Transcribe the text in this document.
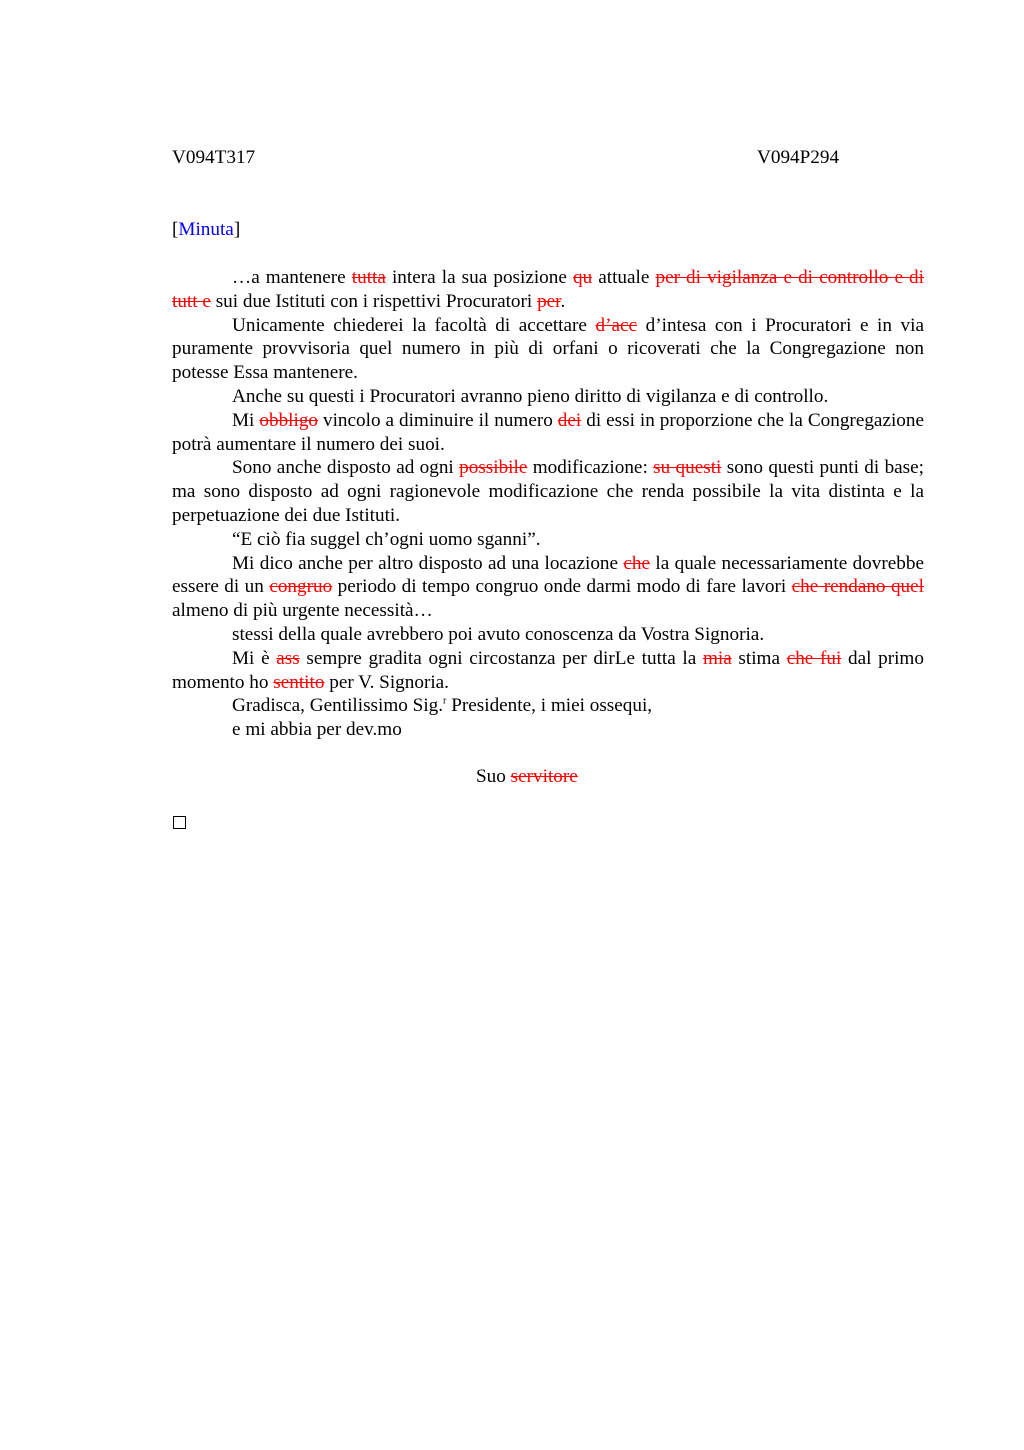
V094T317	V094P294
[Minuta]

…a mantenere tutta intera la sua posizione qu attuale per di vigilanza e di controllo e di tutt e sui due Istituti con i rispettivi Procuratori per.

Unicamente chiederei la facoltà di accettare d’acc d’intesa con i Procuratori e in via puramente provvisoria quel numero in più di orfani o ricoverati che la Congregazione non potesse Essa mantenere.

Anche su questi i Procuratori avranno pieno diritto di vigilanza e di controllo.

Mi obbligo vincolo a diminuire il numero dei di essi in proporzione che la Congregazione potrà aumentare il numero dei suoi.

Sono anche disposto ad ogni possibile modificazione: su questi sono questi punti di base; ma sono disposto ad ogni ragionevole modificazione che renda possibile la vita distinta e la perpetuazione dei due Istituti.

“E ciò fia suggel ch’ogni uomo sganni”.

Mi dico anche per altro disposto ad una locazione che la quale necessariamente dovrebbe essere di un congruo periodo di tempo congruo onde darmi modo di fare lavori che rendano quel almeno di più urgente necessità…

stessi della quale avrebbero poi avuto conoscenza da Vostra Signoria.

Mi è ass sempre gradita ogni circostanza per dirLe tutta la mia stima che fui dal primo momento ho sentito per V. Signoria.

Gradisca, Gentilissimo Sig.$^r$ Presidente, i miei ossequi,

e mi abbia per dev.mo

Suo servitore
